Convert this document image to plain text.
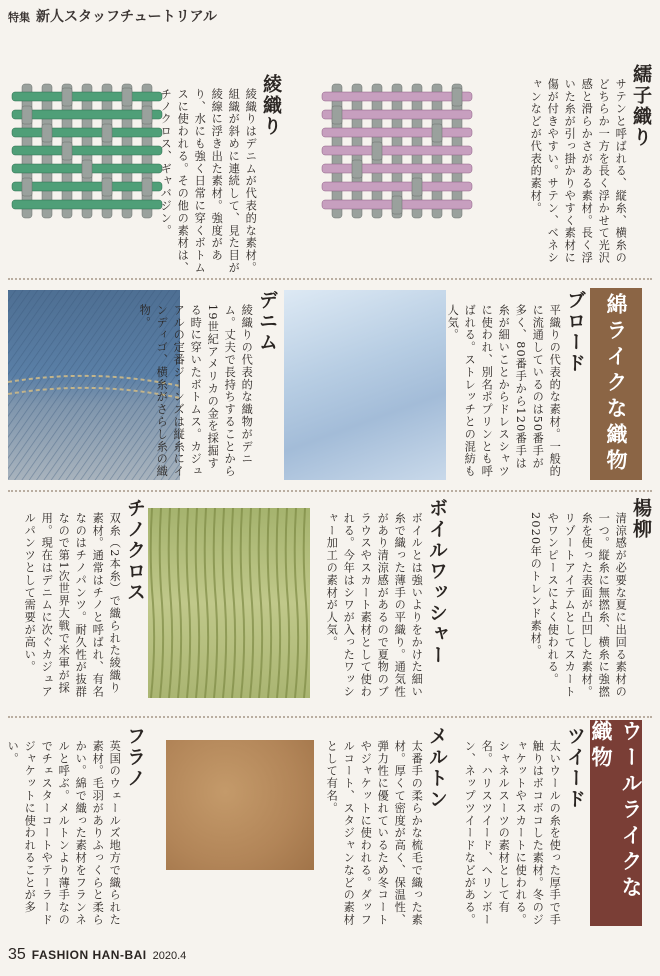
特集 新人スタッフチュートリアル
綾織り 綾織りはデニムが代表的な素材。組織が斜めに連続して、見た目が綾線に浮き出た素材。強度があり、水にも強く日常に穿くボトムスに使われる。その他の素材は、チノクロス、ギャバジン。	繻子織り サテンと呼ばれる、縦糸、横糸のどちらか一方を長く浮かせて光沢感と滑らかさがある素材。長く浮いた糸が引っ掛かりやすく素材に傷が付きやすい。サテン、ベネシャンなどが代表的素材。
デニム 綾織りの代表的な織物がデニム。丈夫で長持ちすることから19世紀アメリカの金を採掘する時に穿いたボトムス。カジュアルの定番ジーンズは縦糸にインディゴ、横糸がさらし糸の織物。	ブロード 平織りの代表的な素材。一般的に流通しているのは50番手が多く、80番手から120番手は糸が細いことからドレスシャツに使われ、別名ポプリンとも呼ばれる。ストレッチとの混紡も人気。	綿ライクな織物
チノクロス 双糸（2本糸）で織られた綾織り素材。通常はチノと呼ばれ、有名なのはチノパンツ。耐久性が抜群なので第1次世界大戦で米軍が採用。現在はデニムに次ぐカジュアルパンツとして需要が高い。	ボイルワッシャー ボイルとは強いよりをかけた細い糸で織った薄手の平織り。通気性があり清涼感があるので夏物のブラウスやスカート素材として使われる。今年はシワが入ったワッシャー加工の素材が人気。	楊柳 清涼感が必要な夏に出回る素材の一つ。縦糸に無撚糸、横糸に強撚糸を使った表面が凸凹した素材。リゾートアイテムとしてスカートやワンピースによく使われる。2020年のトレンド素材。
フラノ 英国のウェールズ地方で織られた素材。毛羽がありふっくらと柔らかい。綿で織った素材をフランネルと呼ぶ。メルトンより薄手なのでチェスターコートやテーラードジャケットに使われることが多い。	メルトン 太番手の柔らかな梳毛で織った素材。厚くて密度が高く、保温性、弾力性に優れているため冬コートやジャケットに使われる。ダッフルコート、スタジャンなどの素材として有名。	ツイード 太いウールの糸を使った厚手で手触りはボコボコした素材。冬のジャケットやスカートに使われる。シャネルスーツの素材として有名。ハリスツイード、ヘリンボーン、ネップツイードなどがある。	ウールライクな織物
35 FASHION HAN-BAI 2020.4
